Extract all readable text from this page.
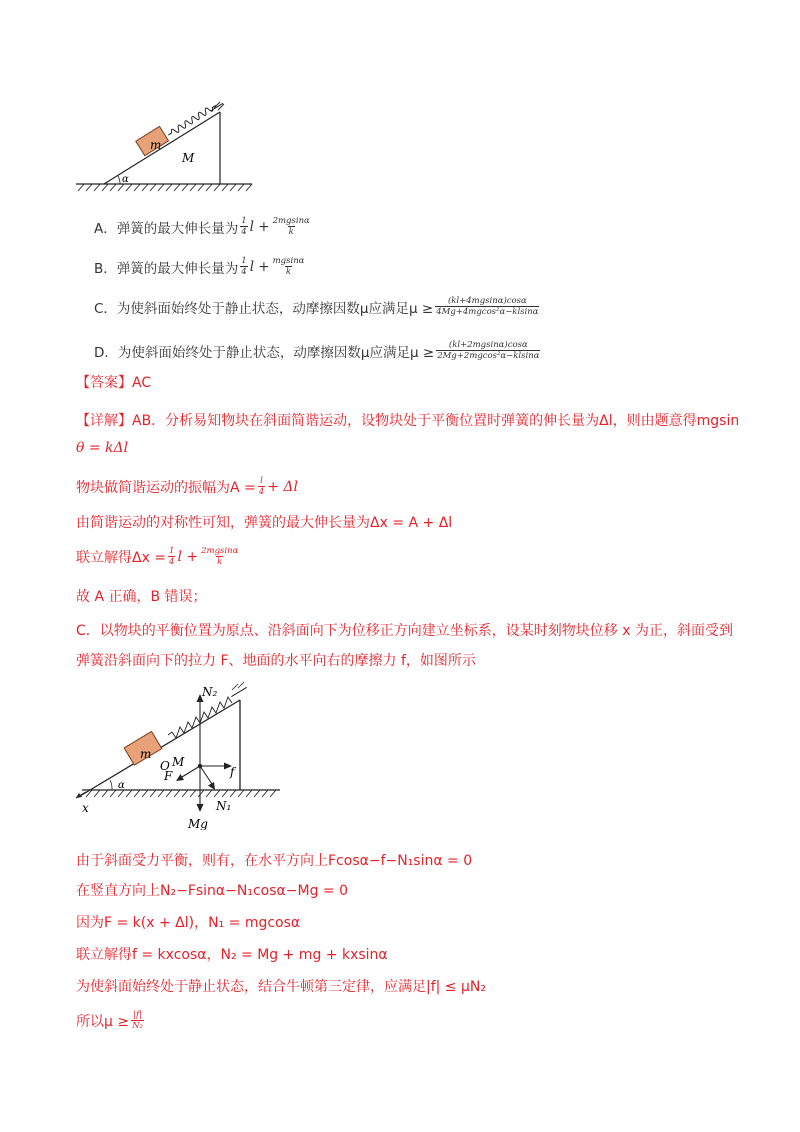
m
M
α
A．弹簧的最大伸长量为 $\frac{1}{4}$ $l + \frac{2mgsin\alpha}{k}$
B．弹簧的最大伸长量为 $\frac{1}{4}$ $l + \frac{mgsin\alpha}{k}$
C．为使斜面始终处于静止状态，动摩擦因数μ应满足$\mu \ge \frac{(kl+4mgsin\alpha)\cos\alpha}{\text{4Mg+4mgcos²α−klsinα}}$
D．为使斜面始终处于静止状态，动摩擦因数μ应满足$\mu \ge \frac{(kl+2mgsin\alpha)\cos\alpha}{\text{2Mg+2mgcos²α−klsinα}}$
【答案】AC
【详解】AB．分析易知物块在斜面简谐运动，设物块处于平衡位置时弹簧的伸长量为Δl，则由题意得mgsin
θ = kΔl
物块做简谐运动的振幅为$A = \frac{l}{4} + \Delta l$
由简谐运动的对称性可知，弹簧的最大伸长量为Δx = A + Δl
联立解得$\Delta x = \frac{1}{4}$ $l + \frac{2mgsin\alpha}{k}$
故 A 正确，B 错误；
C．以物块的平衡位置为原点、沿斜面向下为位移正方向建立坐标系，设某时刻物块位移 x 为正，斜面受到
弹簧沿斜面向下的拉力 F、地面的水平向右的摩擦力 f，如图所示
x
m
N₂
f
F
N₁
Mg
M
O
α
由于斜面受力平衡，则有，在水平方向上Fcosα−f−N₁sinα = 0
在竖直方向上N₂−Fsinα−N₁cosα−Mg = 0
因为F = k(x + Δl)，N₁ = mgcosα
联立解得f = kxcosα，N₂ = Mg + mg + kxsinα
为使斜面始终处于静止状态，结合牛顿第三定律，应满足|f| ≤ μN₂
所以$\mu \ge \frac{|f|}{\text{N₂}}$
